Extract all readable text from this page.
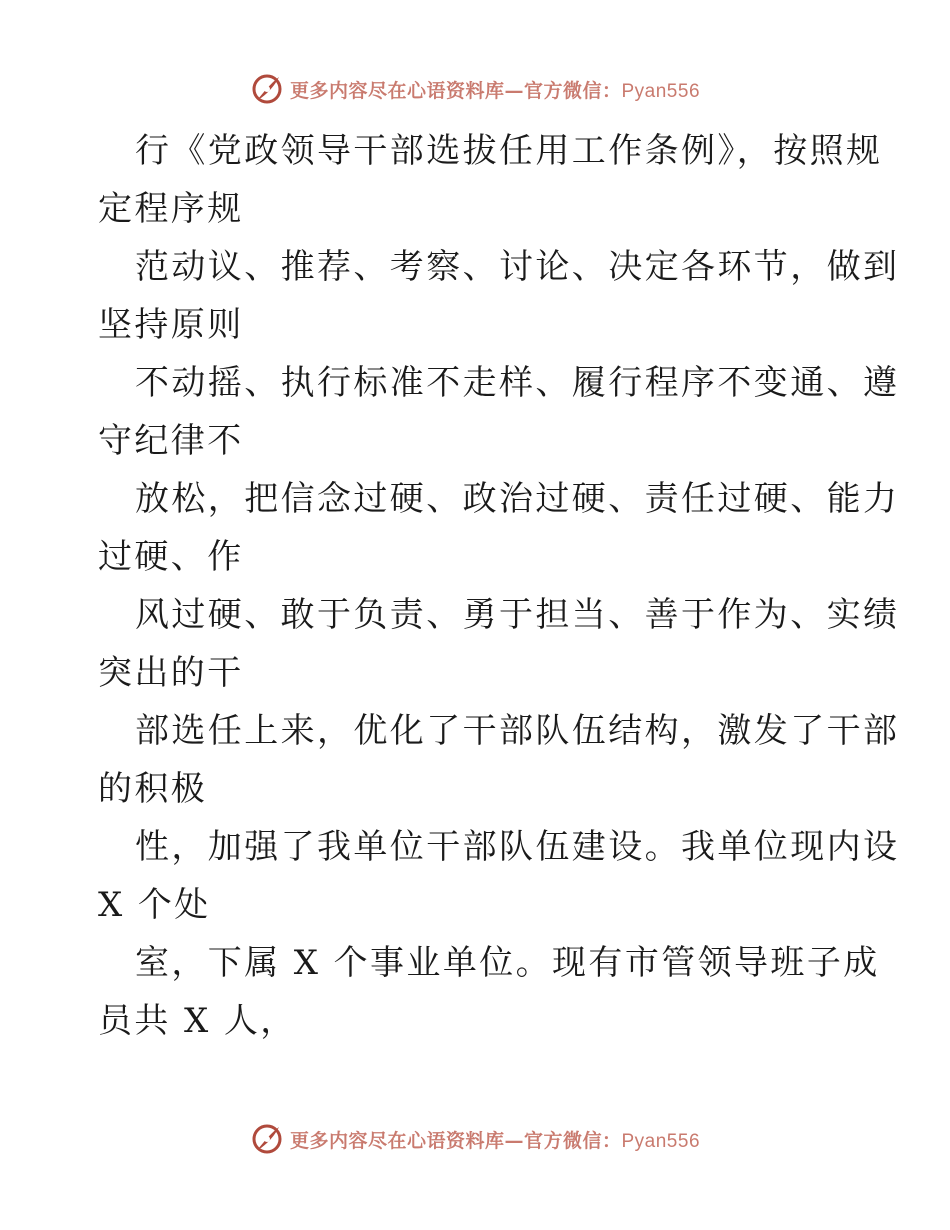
更多内容尽在心语资料库—官方微信：Pyan556

行《党政领导干部选拔任用工作条例》，按照规
定程序规

范动议、推荐、考察、讨论、决定各环节，做到
坚持原则

不动摇、执行标准不走样、履行程序不变通、遵
守纪律不

放松，把信念过硬、政治过硬、责任过硬、能力
过硬、作

风过硬、敢于负责、勇于担当、善于作为、实绩
突出的干

部选任上来，优化了干部队伍结构，激发了干部
的积极

性，加强了我单位干部队伍建设。我单位现内设
X 个处

室，下属 X 个事业单位。现有市管领导班子成
员共 X 人，

更多内容尽在心语资料库—官方微信：Pyan556
